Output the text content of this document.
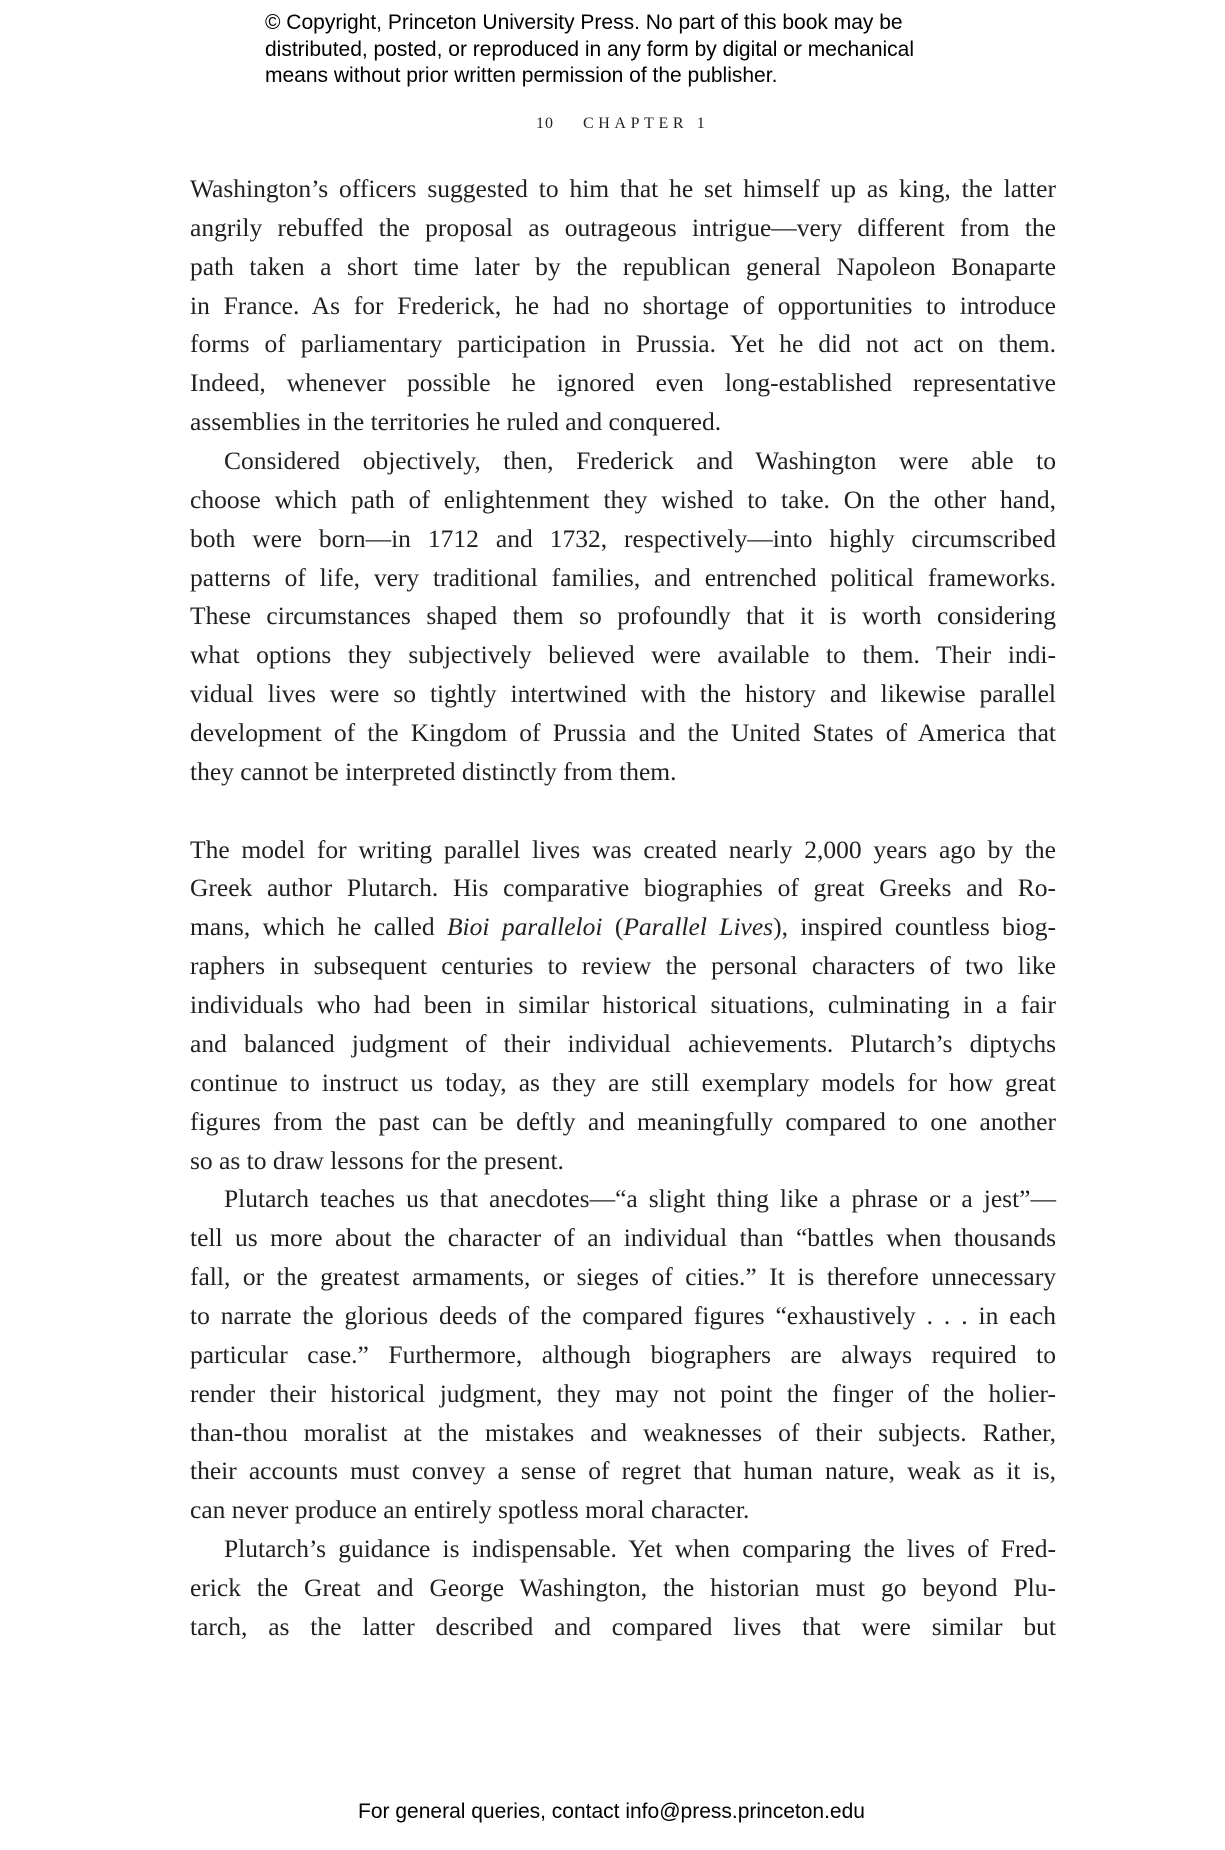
© Copyright, Princeton University Press. No part of this book may be
distributed, posted, or reproduced in any form by digital or mechanical
means without prior written permission of the publisher.
10 CHAPTER 1
Washington’s officers suggested to him that he set himself up as king, the latter
angrily rebuffed the proposal as outrageous intrigue—very different from the
path taken a short time later by the republican general Napoleon Bonaparte
in France. As for Frederick, he had no shortage of opportunities to introduce
forms of parliamentary participation in Prussia. Yet he did not act on them.
Indeed, whenever possible he ignored even long-established representative
assemblies in the territories he ruled and conquered.
Considered objectively, then, Frederick and Washington were able to
choose which path of enlightenment they wished to take. On the other hand,
both were born—in 1712 and 1732, respectively—into highly circumscribed
patterns of life, very traditional families, and entrenched political frameworks.
These circumstances shaped them so profoundly that it is worth considering
what options they subjectively believed were available to them. Their indi-
vidual lives were so tightly intertwined with the history and likewise parallel
development of the Kingdom of Prussia and the United States of America that
they cannot be interpreted distinctly from them.
The model for writing parallel lives was created nearly 2,000 years ago by the
Greek author Plutarch. His comparative biographies of great Greeks and Ro-
mans, which he called Bioi paralleloi (Parallel Lives), inspired countless biog-
raphers in subsequent centuries to review the personal characters of two like
individuals who had been in similar historical situations, culminating in a fair
and balanced judgment of their individual achievements. Plutarch’s diptychs
continue to instruct us today, as they are still exemplary models for how great
figures from the past can be deftly and meaningfully compared to one another
so as to draw lessons for the present.
Plutarch teaches us that anecdotes—“a slight thing like a phrase or a jest”—
tell us more about the character of an individual than “battles when thousands
fall, or the greatest armaments, or sieges of cities.” It is therefore unnecessary
to narrate the glorious deeds of the compared figures “exhaustively . . . in each
particular case.” Furthermore, although biographers are always required to
render their historical judgment, they may not point the finger of the holier-
than-thou moralist at the mistakes and weaknesses of their subjects. Rather,
their accounts must convey a sense of regret that human nature, weak as it is,
can never produce an entirely spotless moral character.
Plutarch’s guidance is indispensable. Yet when comparing the lives of Fred-
erick the Great and George Washington, the historian must go beyond Plu-
tarch, as the latter described and compared lives that were similar but
For general queries, contact info@press.princeton.edu
